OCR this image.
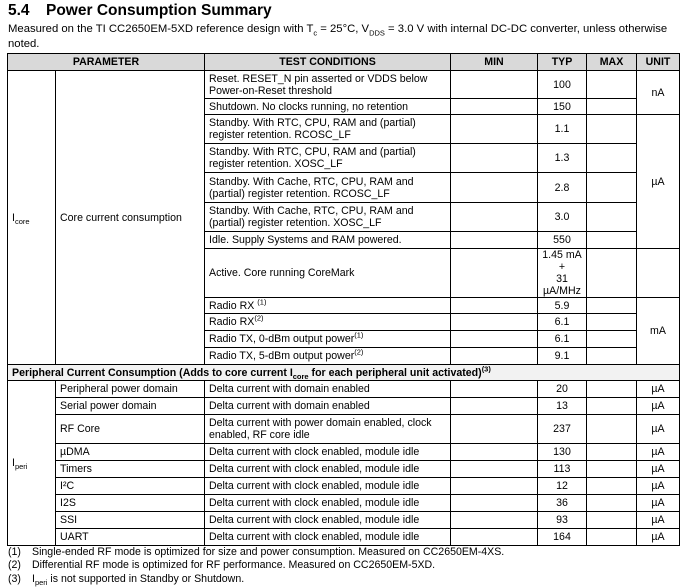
5.4 Power Consumption Summary
Measured on the TI CC2650EM-5XD reference design with $T_c = 25^\circ C$, $V_{DDS} = 3.0$ V with internal DC-DC converter, unless otherwise noted.
PARAMETER		TEST CONDITIONS	MIN	TYP	MAX	UNIT
$I_{core}$	Core current consumption	Reset. RESET_N pin asserted or VDDS below Power-on-Reset threshold		100		nA
		Shutdown. No clocks running, no retention		150		
		Standby. With RTC, CPU, RAM and (partial) register retention. RCOSC_LF		1.1		µA
		Standby. With RTC, CPU, RAM and (partial) register retention. XOSC_LF		1.3		
		Standby. With Cache, RTC, CPU, RAM and (partial) register retention. RCOSC_LF		2.8		
		Standby. With Cache, RTC, CPU, RAM and (partial) register retention. XOSC_LF		3.0		
		Idle. Supply Systems and RAM powered.		550		
		Active. Core running CoreMark		1.45 mA +
31 µA/MHz		
		Radio RX $^{(1)}$		5.9		mA
		Radio RX$^{(2)}$		6.1		
		Radio TX, 0-dBm output power$^{(1)}$		6.1		
		Radio TX, 5-dBm output power$^{(2)}$		9.1		
Peripheral Current Consumption (Adds to core current $I_{core}$ for each peripheral unit activated)$^{(3)}$
$I_{peri}$	Peripheral power domain	Delta current with domain enabled		20		µA
	Serial power domain	Delta current with domain enabled		13		µA
	RF Core	Delta current with power domain enabled, clock enabled, RF core idle		237		µA
	µDMA	Delta current with clock enabled, module idle		130		µA
	Timers	Delta current with clock enabled, module idle		113		µA
	I²C	Delta current with clock enabled, module idle		12		µA
	I2S	Delta current with clock enabled, module idle		36		µA
	SSI	Delta current with clock enabled, module idle		93		µA
	UART	Delta current with clock enabled, module idle		164		µA
(1) Single-ended RF mode is optimized for size and power consumption. Measured on CC2650EM-4XS.
(2) Differential RF mode is optimized for RF performance. Measured on CC2650EM-5XD.
(3) $I_{peri}$ is not supported in Standby or Shutdown.
